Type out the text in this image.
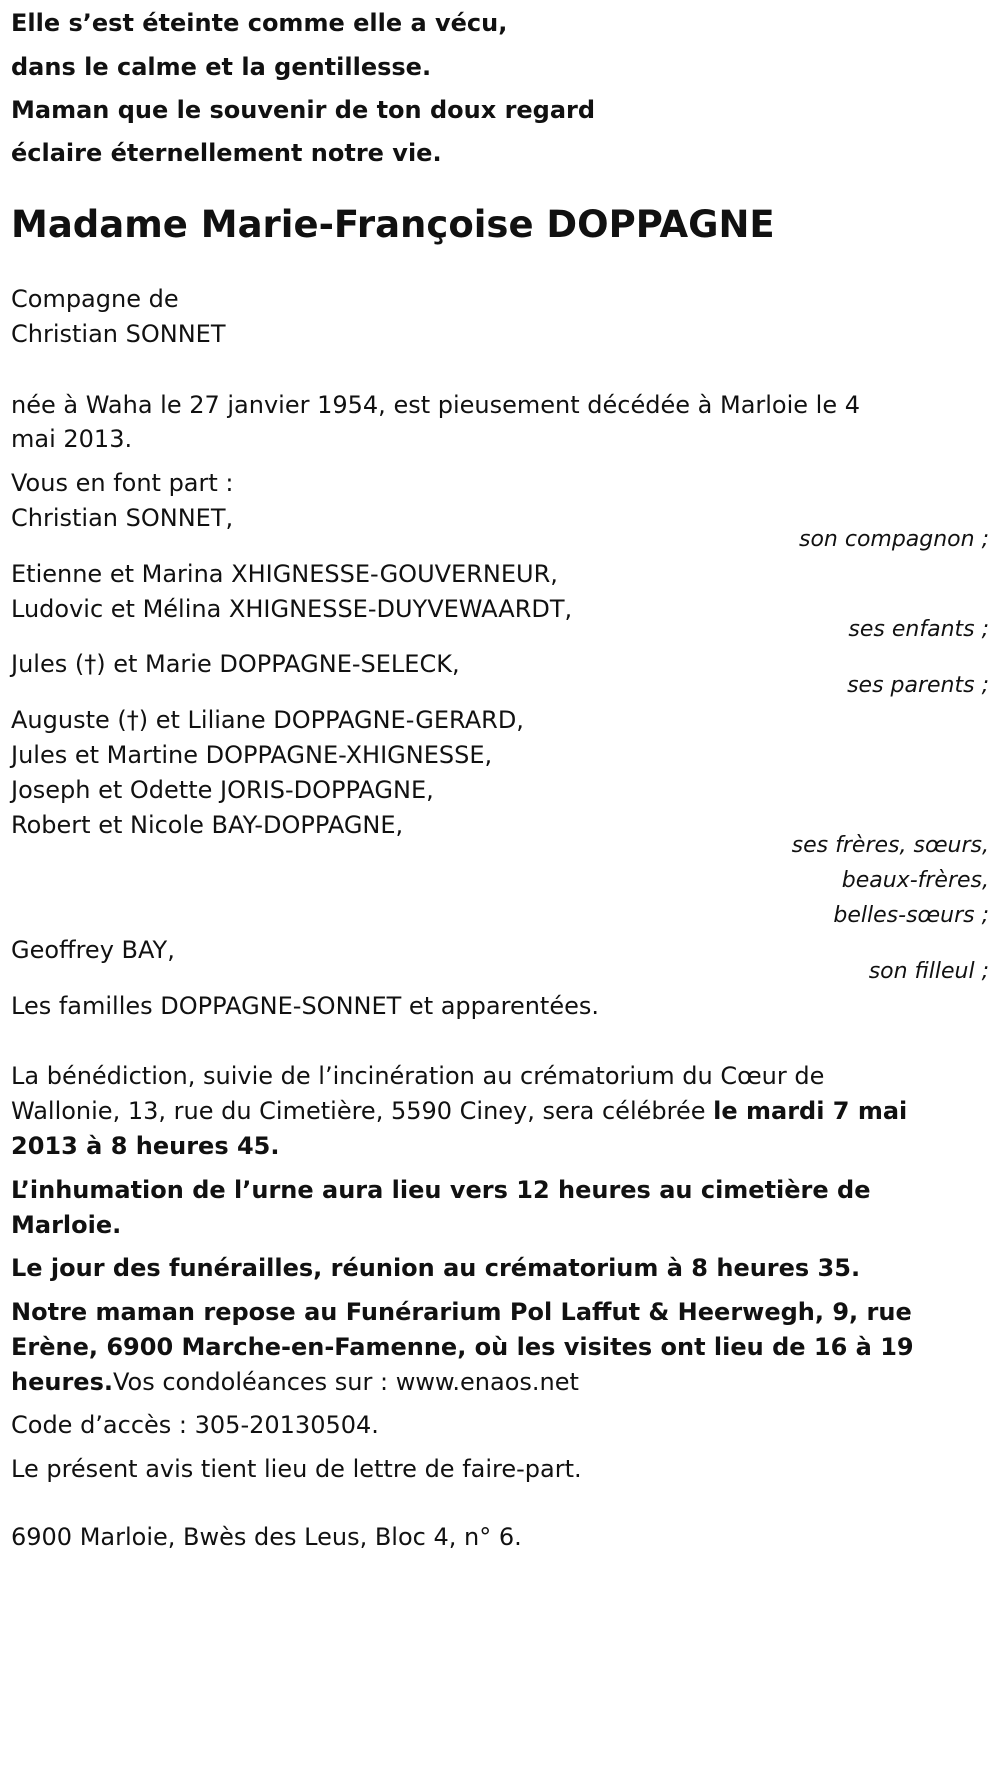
Elle s’est éteinte comme elle a vécu,
dans le calme et la gentillesse.
Maman que le souvenir de ton doux regard
éclaire éternellement notre vie.
Madame Marie-Françoise DOPPAGNE
Compagne de
Christian SONNET
née à Waha le 27 janvier 1954, est pieusement décédée à Marloie le 4
mai 2013.
Vous en font part :
Christian SONNET,
son compagnon ;
Etienne et Marina XHIGNESSE-GOUVERNEUR,
Ludovic et Mélina XHIGNESSE-DUYVEWAARDT,
ses enfants ;
Jules (†) et Marie DOPPAGNE-SELECK,
ses parents ;
Auguste (†) et Liliane DOPPAGNE-GERARD,
Jules et Martine DOPPAGNE-XHIGNESSE,
Joseph et Odette JORIS-DOPPAGNE,
Robert et Nicole BAY-DOPPAGNE,
ses frères, sœurs,
beaux-frères,
belles-sœurs ;
Geoffrey BAY,
son filleul ;
Les familles DOPPAGNE-SONNET et apparentées.
La bénédiction, suivie de l’incinération au crématorium du Cœur de
Wallonie, 13, rue du Cimetière, 5590 Ciney, sera célébrée le mardi 7 mai
2013 à 8 heures 45.
L’inhumation de l’urne aura lieu vers 12 heures au cimetière de
Marloie.
Le jour des funérailles, réunion au crématorium à 8 heures 35.
Notre maman repose au Funérarium Pol Laffut & Heerwegh, 9, rue
Erène, 6900 Marche-en-Famenne, où les visites ont lieu de 16 à 19
heures.Vos condoléances sur : www.enaos.net
Code d’accès : 305-20130504.
Le présent avis tient lieu de lettre de faire-part.
6900 Marloie, Bwès des Leus, Bloc 4, n° 6.
